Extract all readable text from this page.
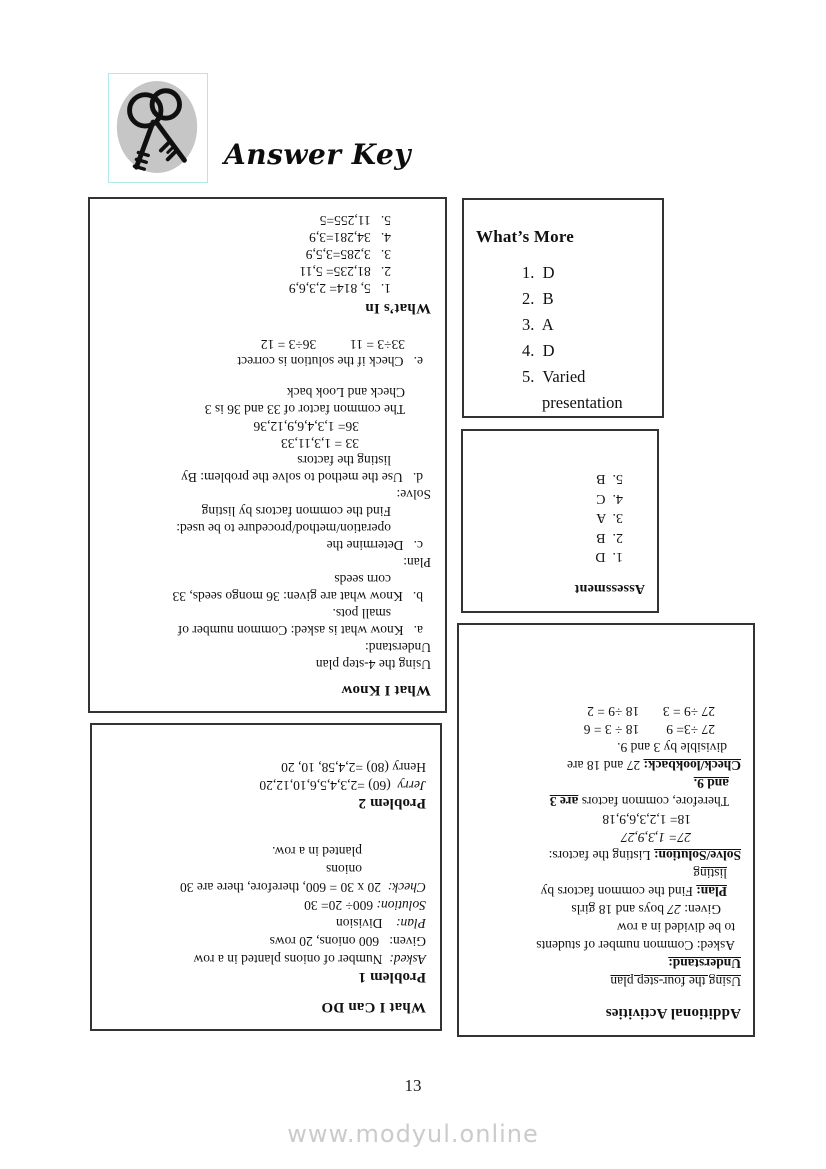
Answer Key
What I Know
Using the 4-step plan
Understand:
a.   Know what is asked: Common number of
small pots.
b.   Know what are given: 36 mongo seeds, 33
corn seeds
Plan:
c.   Determine the
operation/method/procedure to be used:
Find the common factors by listing
Solve:
d.   Use the method to solve the problem: By
listing the factors
33 = 1,3,11,33
36= 1,3,4,6,9,12,36
The common factor of 33 and 36 is 3
Check and Look back
e.   Check if the solution is correct
33÷3 = 11          36÷3 = 12
What’s In
1.   5, 814= 2,3,6,9
2.   81,235= 5,11
3.   3,285=3,5,9
4.   34,281=3,9
5.   11,255=5
What’s More
1.  D
2.  B
3.  A
4.  D
5.  Varied
presentation
Assessment
1.  D
2.  B
3.  A
4.  C
5.  B
Additional Activities
Using the four-step plan
Understand:
Asked: Common number of students
to be divided in a row
Given: 27 boys and 18 girls
Plan: Find the common factors by
listing
Solve/Solution: Listing the factors:
27= 1,3,9,27
18= 1,2,3,6,9,18
Therefore, common factors are 3
and 9.
Check/lookback: 27 and 18 are
divisible by 3 and 9.
27 ÷3= 9        18 ÷ 3 = 6
27 ÷9 = 3       18 ÷9 = 2
What I Can DO
Problem 1
Asked:  Number of onions planted in a row
Given:   600 onions, 20 rows
Plan:    Division
Solution: 600÷ 20= 30
Check:  20 x 30 = 600, therefore, there are 30
onions
planted in a row.
Problem 2
Jerry  (60) =2,3,4,5,6,10,12,20
Henry (80) =2,4,58, 10, 20
13
www.modyul.online
